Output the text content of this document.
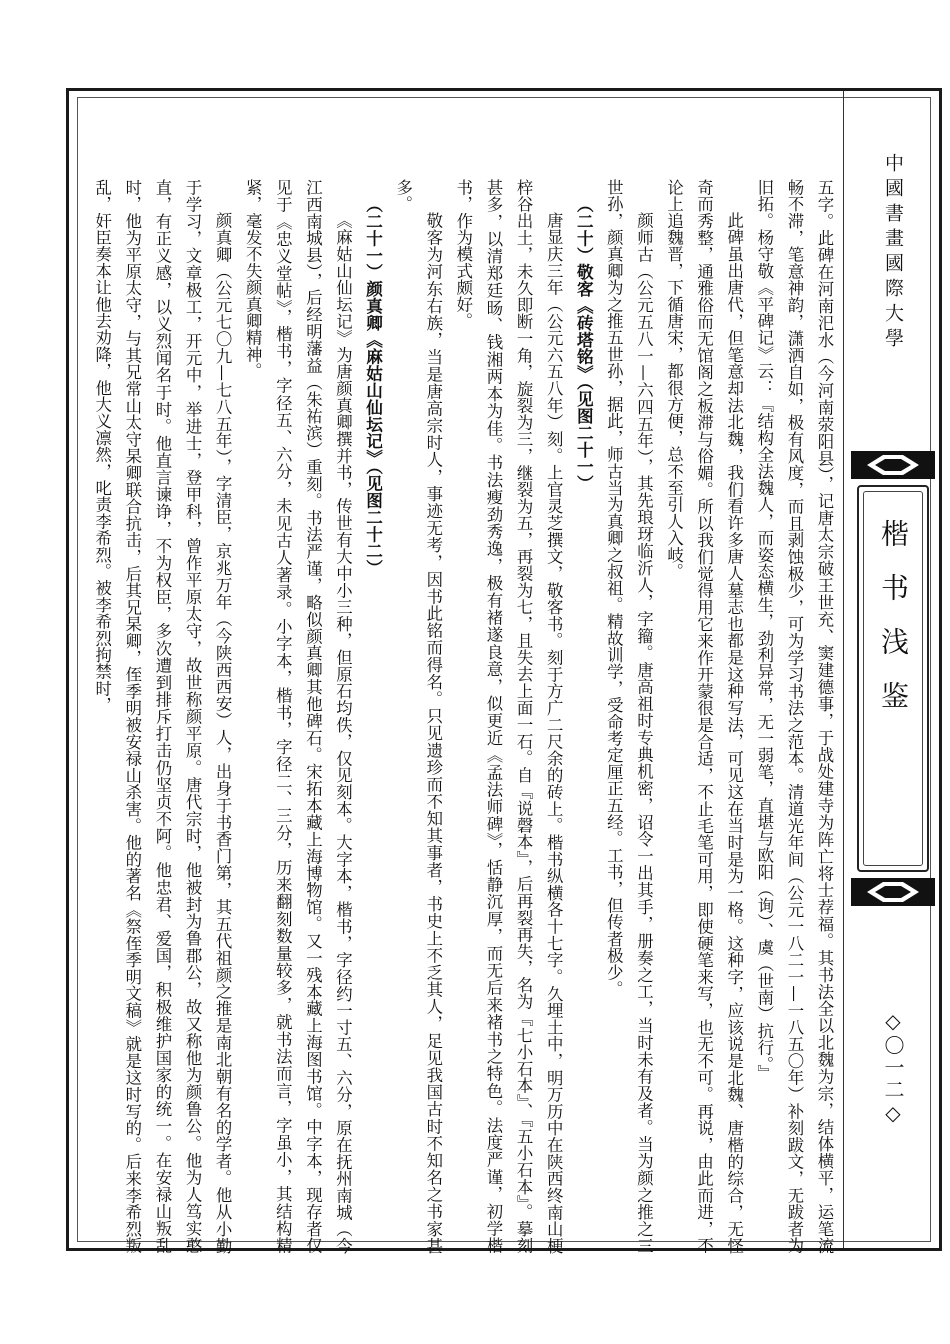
五字。此碑在河南汜水（今河南荥阳县），记唐太宗破王世充、窦建德事，于战处建寺为阵亡将士荐福。其书法全以北魏为宗，结体横平，运笔流畅不滞，笔意神韵，潇洒自如，极有风度，而且剥蚀极少，可为学习书法之范本。清道光年间（公元一八二一—一八五〇年）补刻跋文，无跋者为旧拓。杨守敬《平碑记》云：『结构全法魏人，而姿态横生，劲利异常，无一弱笔，直堪与欧阳（询）、虞（世南）抗行。』

此碑虽出唐代，但笔意却法北魏，我们看许多唐人墓志也都是这种写法，可见这在当时是为一格。这种字，应该说是北魏、唐楷的综合，无怪奇而秀整，通雅俗而无馆阁之板滞与俗媚。所以我们觉得用它来作开蒙很是合适，不止毛笔可用，即使硬笔来写，也无不可。再说，由此而进，不论上追魏晋，下循唐宋，都很方便，总不至引人入岐。

颜师古（公元五八一—六四五年），其先琅玡临沂人，字籀。唐高祖时专典机密，诏令一出其手，册奏之工，当时未有及者。当为颜之推之三世孙，颜真卿为之推五世孙，据此，师古当为真卿之叔祖。精故训学，受命考定厘正五经。工书，但传者极少。

（二十）敬客《砖塔铭》（见图二十一）

唐显庆三年（公元六五八年）刻。上官灵芝撰文，敬客书。刻于方广二尺余的砖上。楷书纵横各十七字。久埋土中，明万历中在陕西终南山梗梓谷出土，未久即断一角，旋裂为三，继裂为五，再裂为七，且失去上面一石。自『说磬本』，后再裂再失，名为『七小石本』、『五小石本』。摹刻甚多，以清郑廷旸、钱湘两本为佳。书法瘦劲秀逸，极有褚遂良意，似更近《孟法师碑》，恬静沉厚，而无后来褚书之特色。法度严谨，初学楷书，作为模式颇好。

敬客为河东右族，当是唐高宗时人，事迹无考，因书此铭而得名。只见遗珍而不知其事者，书史上不乏其人，足见我国古时不知名之书家甚多。

（二十一）颜真卿《麻姑山仙坛记》（见图二十二）

《麻姑山仙坛记》为唐颜真卿撰并书，传世有大中小三种，但原石均佚，仅见刻本。大字本，楷书，字径约一寸五、六分，原在抚州南城（今江西南城县），后经明藩益（朱祐滨）重刻。书法严谨，略似颜真卿其他碑石。宋拓本藏上海博物馆。又一残本藏上海图书馆。中字本，现存者仅见于《忠义堂帖》，楷书，字径五、六分，未见古人著录。小字本，楷书，字径二、三分，历来翻刻数量较多，就书法而言，字虽小，其结构精紧，毫发不失颜真卿精神。

颜真卿（公元七〇九—七八五年），字清臣，京兆万年（今陕西西安）人，出身于书香门第，其五代祖颜之推是南北朝有名的学者。他从小勤于学习，文章极工，开元中，举进士，登甲科，曾作平原太守，故世称颜平原。唐代宗时，他被封为鲁郡公，故又称他为颜鲁公。他为人笃实憨直，有正义感，以义烈闻名于时。他直言谏诤，不为权臣，多次遭到排斥打击仍坚贞不阿。他忠君、爱国，积极维护国家的统一。在安禄山叛乱时，他为平原太守，与其兄常山太守杲卿联合抗击，后其兄杲卿，侄季明被安禄山杀害。他的著名《祭侄季明文稿》就是这时写的。后来李希烈叛乱，奸臣奏本让他去劝降，他大义凛然，叱责李希烈。被李希烈拘禁时，	中國書畫國際大學
楷书浅鉴
◇〇一二◇
